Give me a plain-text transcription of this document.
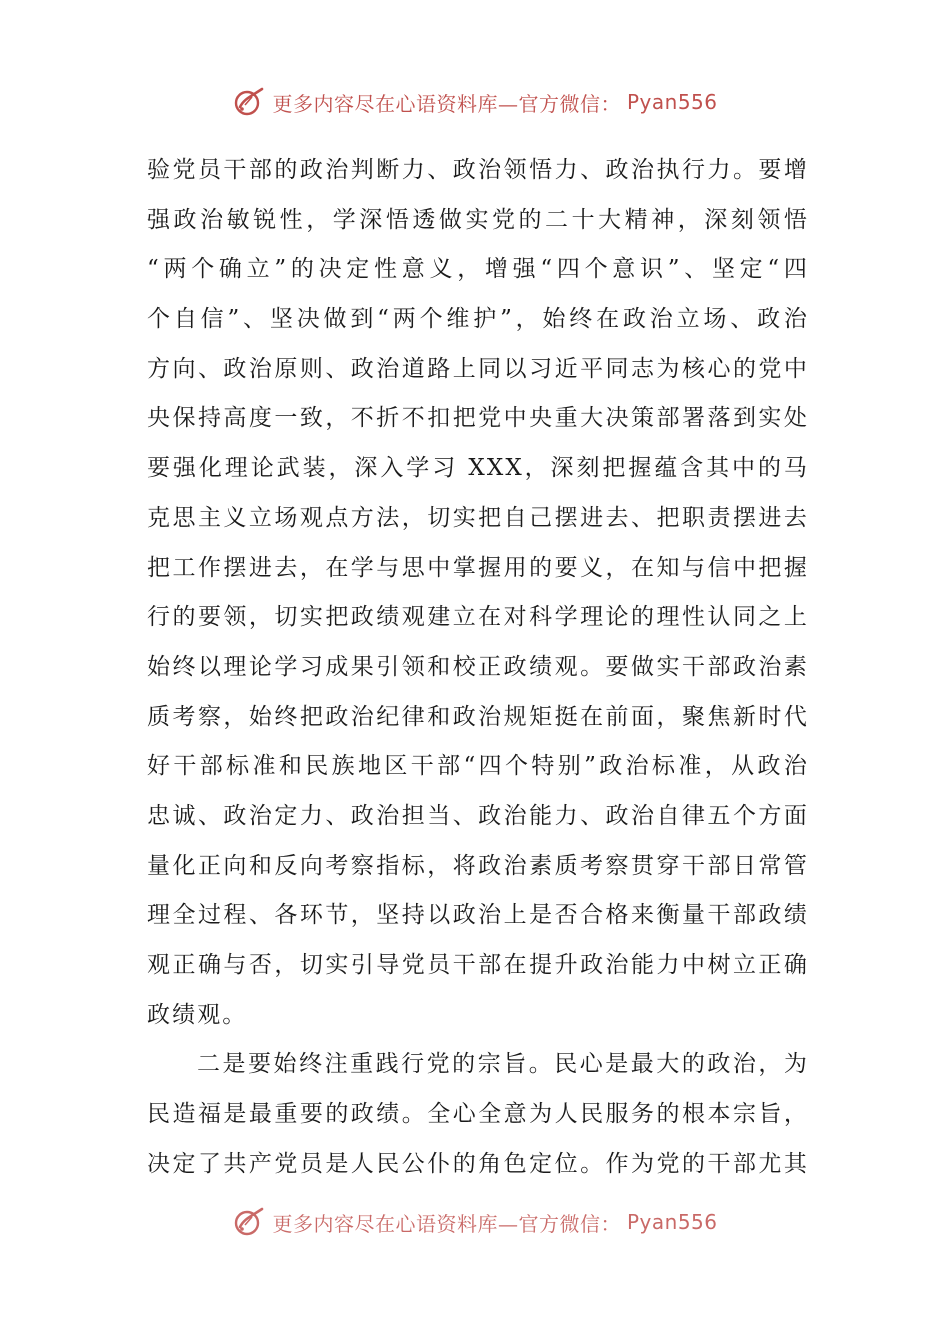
更多内容尽在心语资料库—官方微信： Pyan556
验党员干部的政治判断力、政治领悟力、政治执行力。要增
强政治敏锐性，学深悟透做实党的二十大精神，深刻领悟
“两个确立”的决定性意义，增强“四个意识”、坚定“四
个自信”、坚决做到“两个维护”，始终在政治立场、政治
方向、政治原则、政治道路上同以习近平同志为核心的党中
央保持高度一致，不折不扣把党中央重大决策部署落到实处
要强化理论武装，深入学习 XXX，深刻把握蕴含其中的马
克思主义立场观点方法，切实把自己摆进去、把职责摆进去
把工作摆进去，在学与思中掌握用的要义，在知与信中把握
行的要领，切实把政绩观建立在对科学理论的理性认同之上
始终以理论学习成果引领和校正政绩观。要做实干部政治素
质考察，始终把政治纪律和政治规矩挺在前面，聚焦新时代
好干部标准和民族地区干部“四个特别”政治标准，从政治
忠诚、政治定力、政治担当、政治能力、政治自律五个方面
量化正向和反向考察指标，将政治素质考察贯穿干部日常管
理全过程、各环节，坚持以政治上是否合格来衡量干部政绩
观正确与否，切实引导党员干部在提升政治能力中树立正确
政绩观。
二是要始终注重践行党的宗旨。民心是最大的政治，为
民造福是最重要的政绩。全心全意为人民服务的根本宗旨，
决定了共产党员是人民公仆的角色定位。作为党的干部尤其
更多内容尽在心语资料库—官方微信： Pyan556
